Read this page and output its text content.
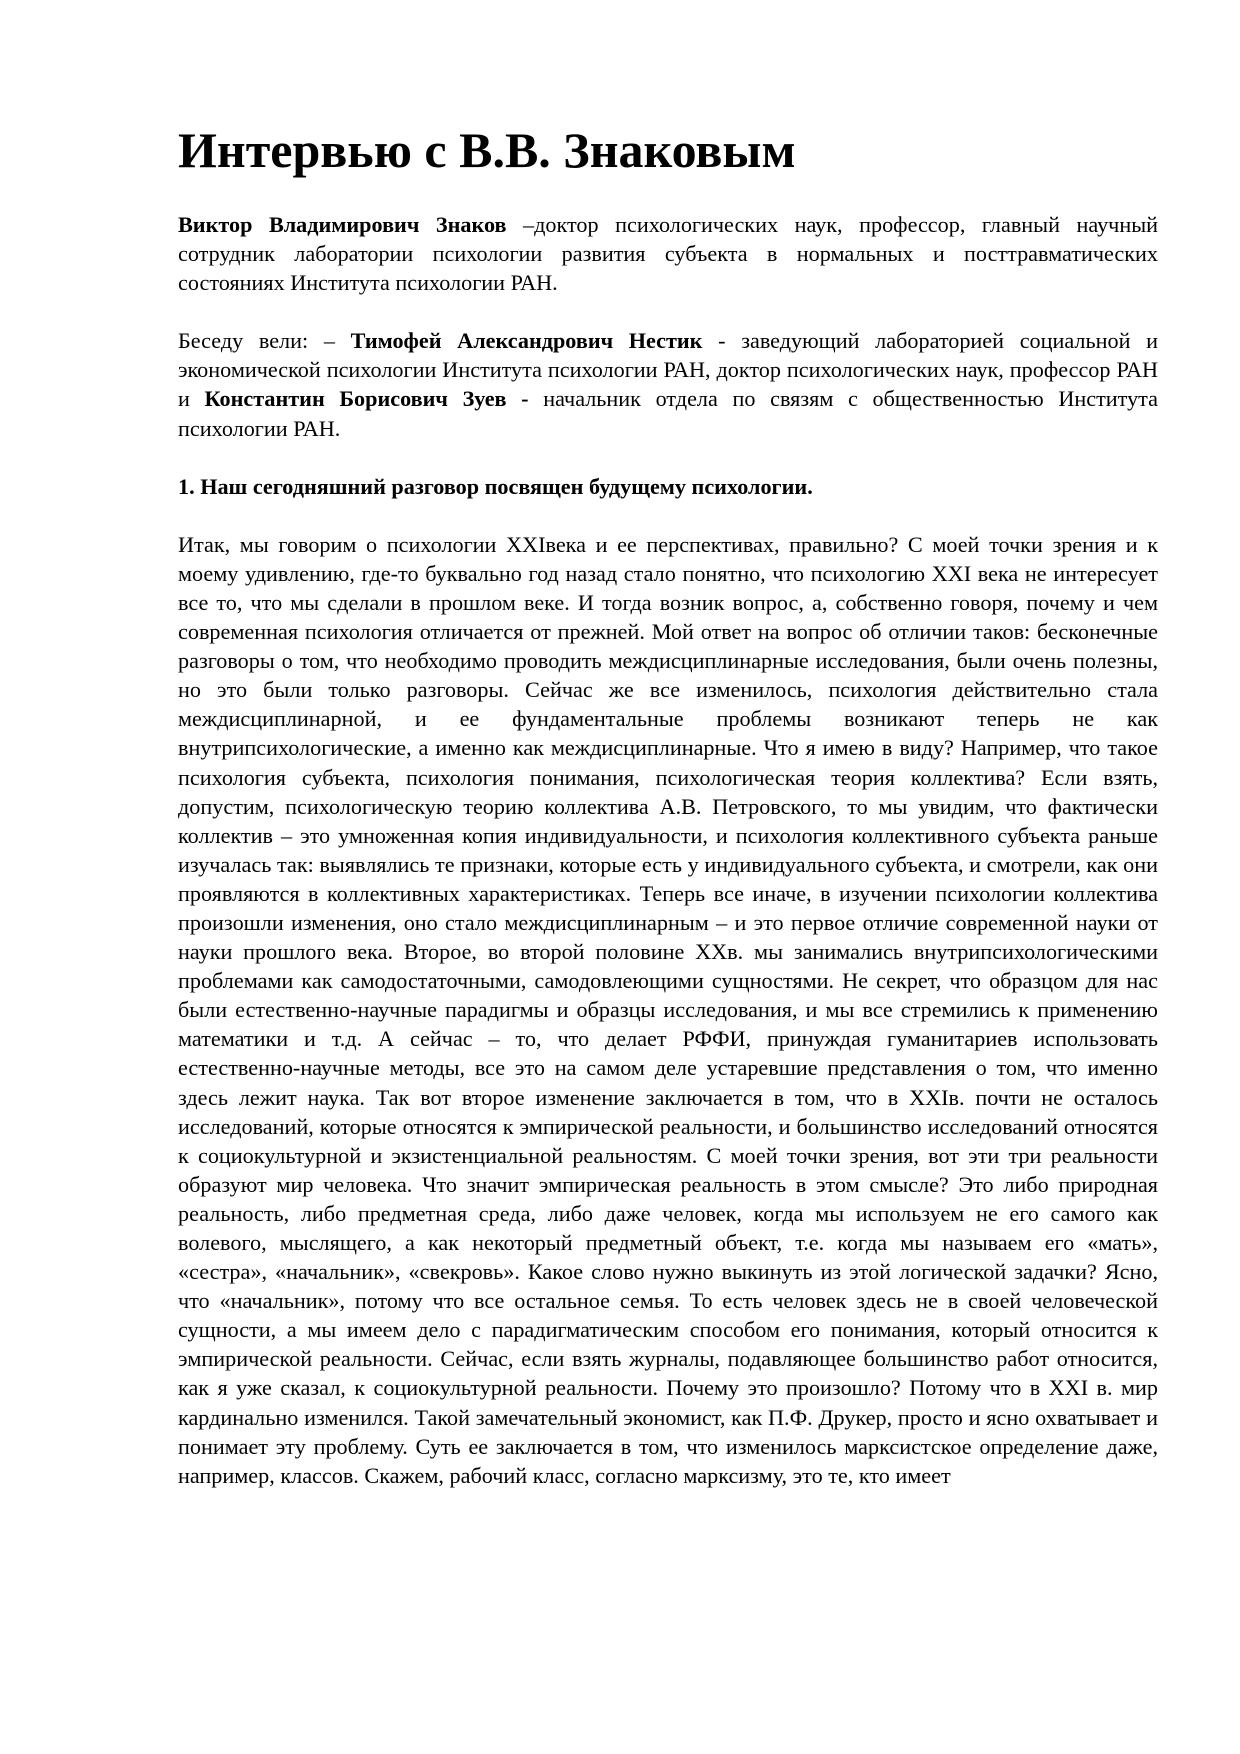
Интервью с В.В. Знаковым

Виктор Владимирович Знаков –доктор психологических наук, профессор, главный научный сотрудник лаборатории психологии развития субъекта в нормальных и посттравматических состояниях Института психологии РАН.

Беседу вели: – Тимофей Александрович Нестик - заведующий лабораторией социальной и экономической психологии Института психологии РАН, доктор психологических наук, профессор РАН и Константин Борисович Зуев - начальник отдела по связям с общественностью Института психологии РАН.

1. Наш сегодняшний разговор посвящен будущему психологии.

Итак, мы говорим о психологии XXIвека и ее перспективах, правильно? С моей точки зрения и к моему удивлению, где-то буквально год назад стало понятно, что психологию XXI века не интересует все то, что мы сделали в прошлом веке. И тогда возник вопрос, а, собственно говоря, почему и чем современная психология отличается от прежней. Мой ответ на вопрос об отличии таков: бесконечные разговоры о том, что необходимо проводить междисциплинарные исследования, были очень полезны, но это были только разговоры. Сейчас же все изменилось, психология действительно стала междисциплинарной, и ее фундаментальные проблемы возникают теперь не как внутрипсихологические, а именно как междисциплинарные. Что я имею в виду? Например, что такое психология субъекта, психология понимания, психологическая теория коллектива? Если взять, допустим, психологическую теорию коллектива А.В. Петровского, то мы увидим, что фактически коллектив – это умноженная копия индивидуальности, и психология коллективного субъекта раньше изучалась так: выявлялись те признаки, которые есть у индивидуального субъекта, и смотрели, как они проявляются в коллективных характеристиках. Теперь все иначе, в изучении психологии коллектива произошли изменения, оно стало междисциплинарным – и это первое отличие современной науки от науки прошлого века. Второе, во второй половине XXв. мы занимались внутрипсихологическими проблемами как самодостаточными, самодовлеющими сущностями. Не секрет, что образцом для нас были естественно-научные парадигмы и образцы исследования, и мы все стремились к применению математики и т.д. А сейчас – то, что делает РФФИ, принуждая гуманитариев использовать естественно-научные методы, все это на самом деле устаревшие представления о том, что именно здесь лежит наука. Так вот второе изменение заключается в том, что в XXIв. почти не осталось исследований, которые относятся к эмпирической реальности, и большинство исследований относятся к социокультурной и экзистенциальной реальностям. С моей точки зрения, вот эти три реальности образуют мир человека. Что значит эмпирическая реальность в этом смысле? Это либо природная реальность, либо предметная среда, либо даже человек, когда мы используем не его самого как волевого, мыслящего, а как некоторый предметный объект, т.е. когда мы называем его «мать», «сестра», «начальник», «свекровь». Какое слово нужно выкинуть из этой логической задачки? Ясно, что «начальник», потому что все остальное семья. То есть человек здесь не в своей человеческой сущности, а мы имеем дело с парадигматическим способом его понимания, который относится к эмпирической реальности. Сейчас, если взять журналы, подавляющее большинство работ относится, как я уже сказал, к социокультурной реальности. Почему это произошло? Потому что в XXI в. мир кардинально изменился. Такой замечательный экономист, как П.Ф. Друкер, просто и ясно охватывает и понимает эту проблему. Суть ее заключается в том, что изменилось марксистское определение даже, например, классов. Скажем, рабочий класс, согласно марксизму, это те, кто имеет
